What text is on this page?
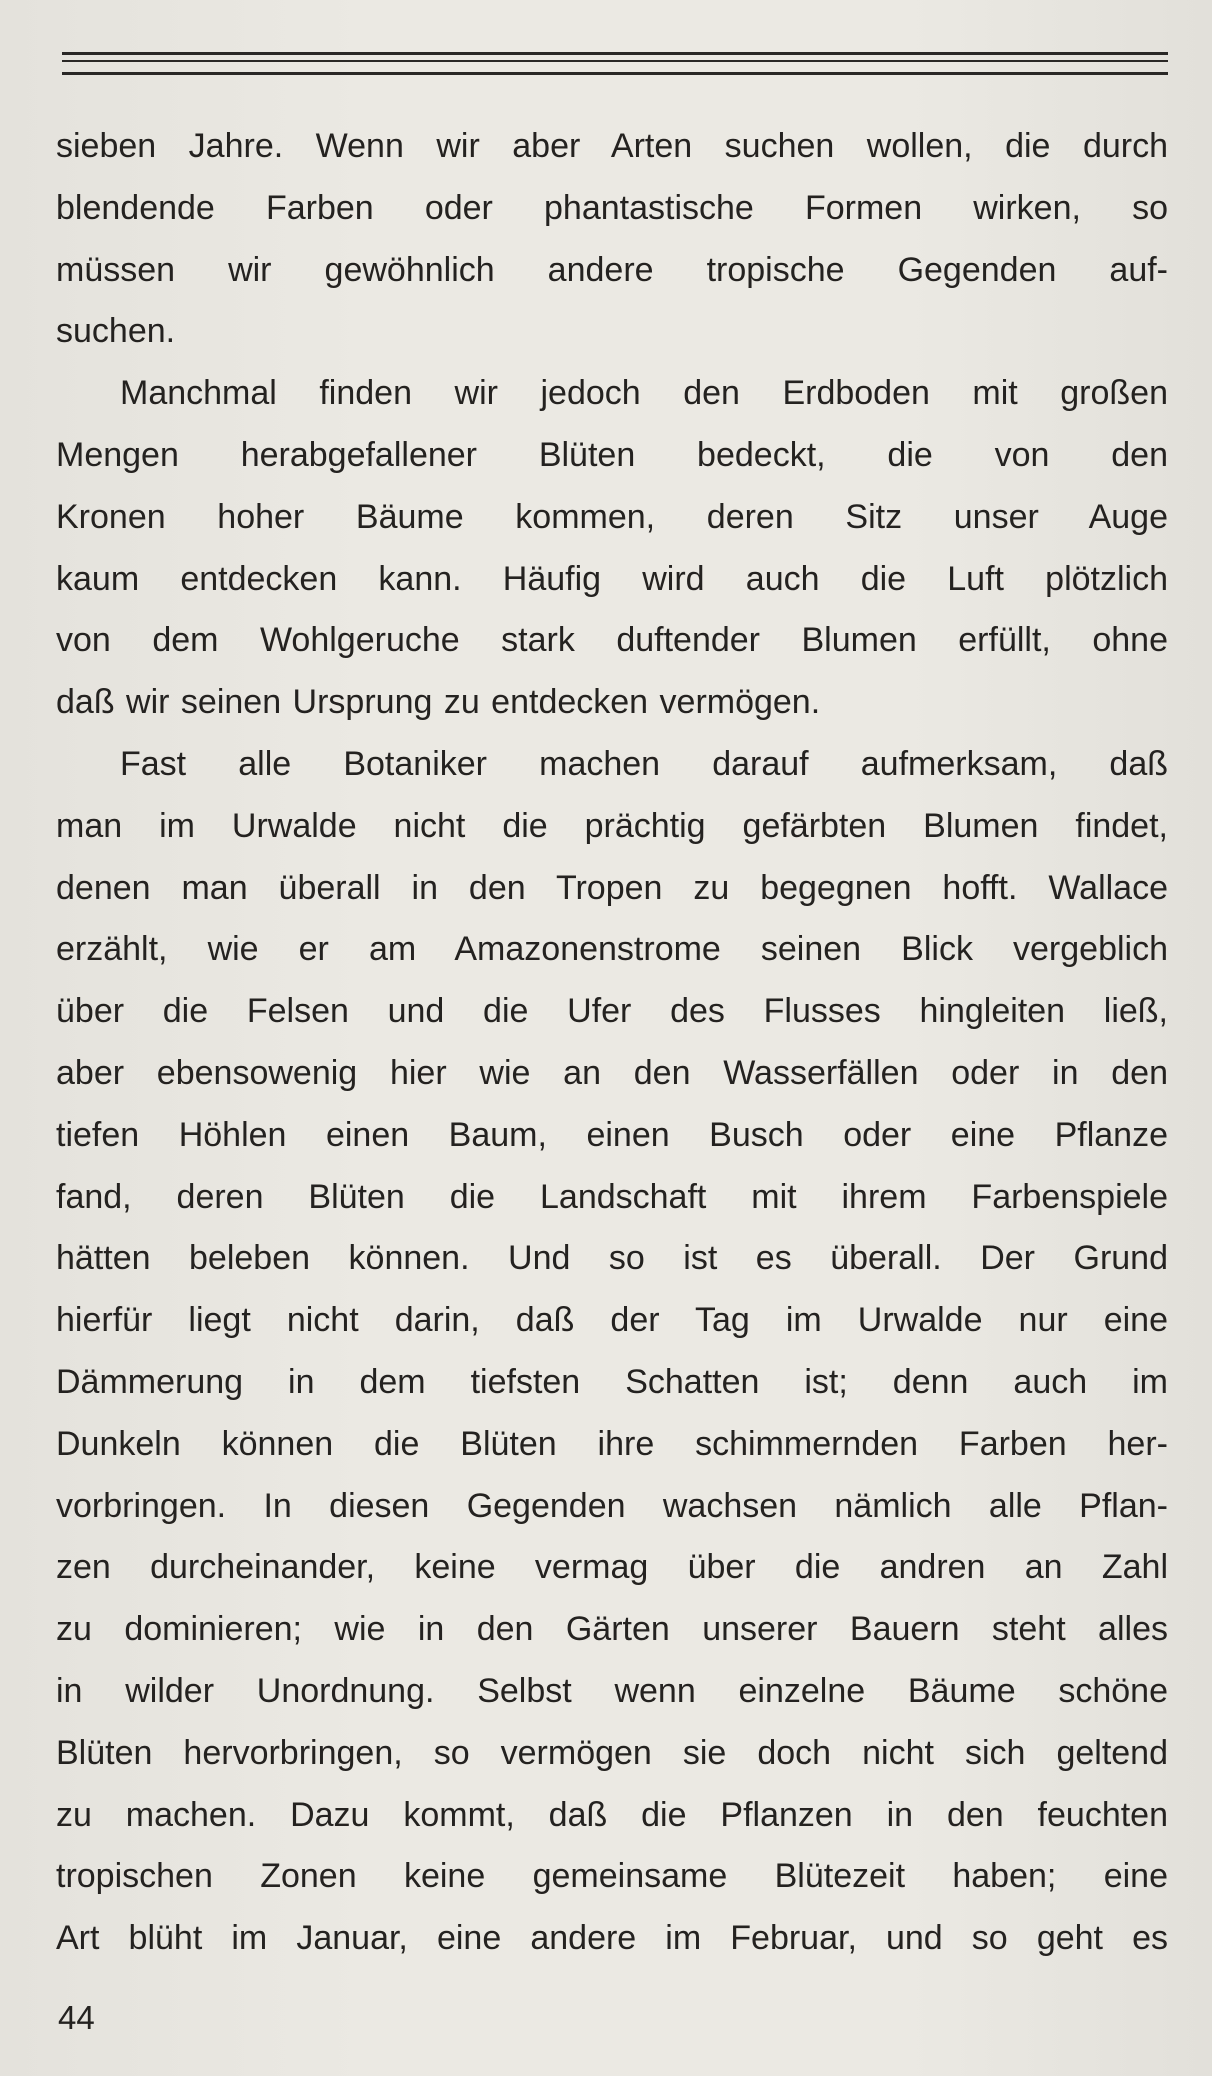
sieben Jahre. Wenn wir aber Arten suchen wollen, die durch
blendende Farben oder phantastische Formen wirken, so
müssen wir gewöhnlich andere tropische Gegenden auf-
suchen.
Manchmal finden wir jedoch den Erdboden mit großen
Mengen herabgefallener Blüten bedeckt, die von den
Kronen hoher Bäume kommen, deren Sitz unser Auge
kaum entdecken kann. Häufig wird auch die Luft plötzlich
von dem Wohlgeruche stark duftender Blumen erfüllt, ohne
daß wir seinen Ursprung zu entdecken vermögen.
Fast alle Botaniker machen darauf aufmerksam, daß
man im Urwalde nicht die prächtig gefärbten Blumen findet,
denen man überall in den Tropen zu begegnen hofft. Wallace
erzählt, wie er am Amazonenstrome seinen Blick vergeblich
über die Felsen und die Ufer des Flusses hingleiten ließ,
aber ebensowenig hier wie an den Wasserfällen oder in den
tiefen Höhlen einen Baum, einen Busch oder eine Pflanze
fand, deren Blüten die Landschaft mit ihrem Farbenspiele
hätten beleben können. Und so ist es überall. Der Grund
hierfür liegt nicht darin, daß der Tag im Urwalde nur eine
Dämmerung in dem tiefsten Schatten ist; denn auch im
Dunkeln können die Blüten ihre schimmernden Farben her-
vorbringen. In diesen Gegenden wachsen nämlich alle Pflan-
zen durcheinander, keine vermag über die andren an Zahl
zu dominieren; wie in den Gärten unserer Bauern steht alles
in wilder Unordnung. Selbst wenn einzelne Bäume schöne
Blüten hervorbringen, so vermögen sie doch nicht sich geltend
zu machen. Dazu kommt, daß die Pflanzen in den feuchten
tropischen Zonen keine gemeinsame Blütezeit haben; eine
Art blüht im Januar, eine andere im Februar, und so geht es
44
